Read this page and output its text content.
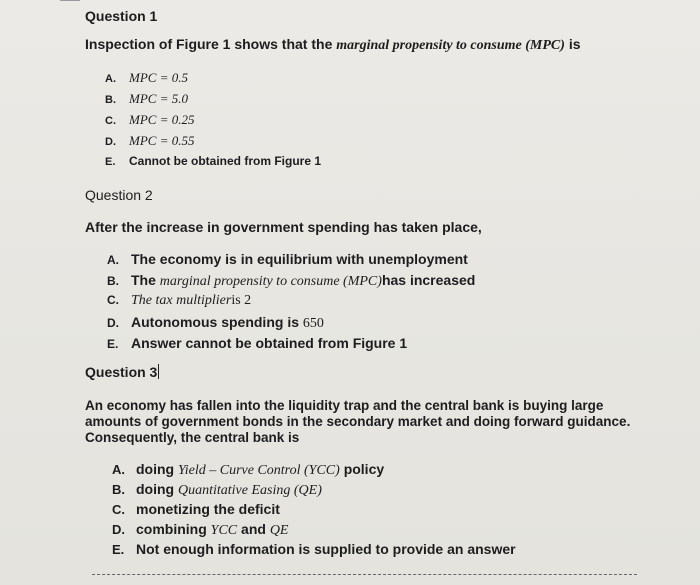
Question 1
Inspection of Figure 1 shows that the marginal propensity to consume (MPC) is
A.	MPC = 0.5
B.	MPC = 5.0
C.	MPC = 0.25
D.	MPC = 0.55
E.	Cannot be obtained from Figure 1
Question 2
After the increase in government spending has taken place,
A. The economy is in equilibrium with unemployment
B. The
marginal propensity to consume (MPC) has increased
C. The tax multiplier is 2
D. Autonomous spending is
650
E. Answer cannot be obtained from Figure 1
Question 3
An economy has fallen into the liquidity trap and the central bank is buying large amounts of government bonds in the secondary market and doing forward guidance. Consequently, the central bank is
A. doing
Yield – Curve Control (YCC)
policy
B. doing
Quantitative Easing (QE)
C. monetizing the deficit
D. combining
YCC and QE
E. Not enough information is supplied to provide an answer
